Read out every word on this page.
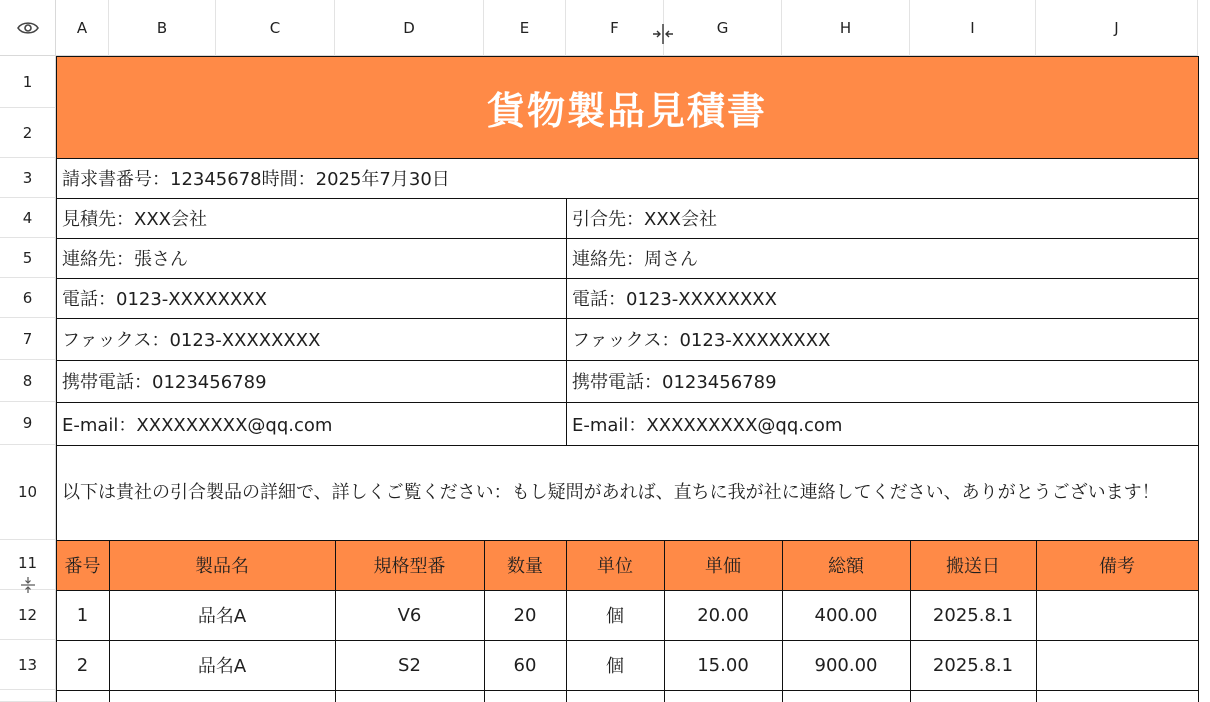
A	B	C	D	E	F	G	H	I	J
1
2
3
4
5
6
7
8
9
10
11
12
13
貨物製品見積書
請求書番号：12345678時間：2025年7月30日
見積先：XXX会社	引合先：XXX会社
連絡先：張さん	連絡先：周さん
電話：0123-XXXXXXXX	電話：0123-XXXXXXXX
ファックス：0123-XXXXXXXX	ファックス：0123-XXXXXXXX
携帯電話：0123456789	携帯電話：0123456789
E-mail：XXXXXXXXX@qq.com	E-mail：XXXXXXXXX@qq.com
以下は貴社の引合製品の詳細で、詳しくご覧ください：もし疑問があれば、直ちに我が社に連絡してください、ありがとうございます！
番号	製品名	規格型番	数量	単位	単価	総額	搬送日	備考
1	品名A	V6	20	個	20.00	400.00	2025.8.1
2	品名A	S2	60	個	15.00	900.00	2025.8.1
